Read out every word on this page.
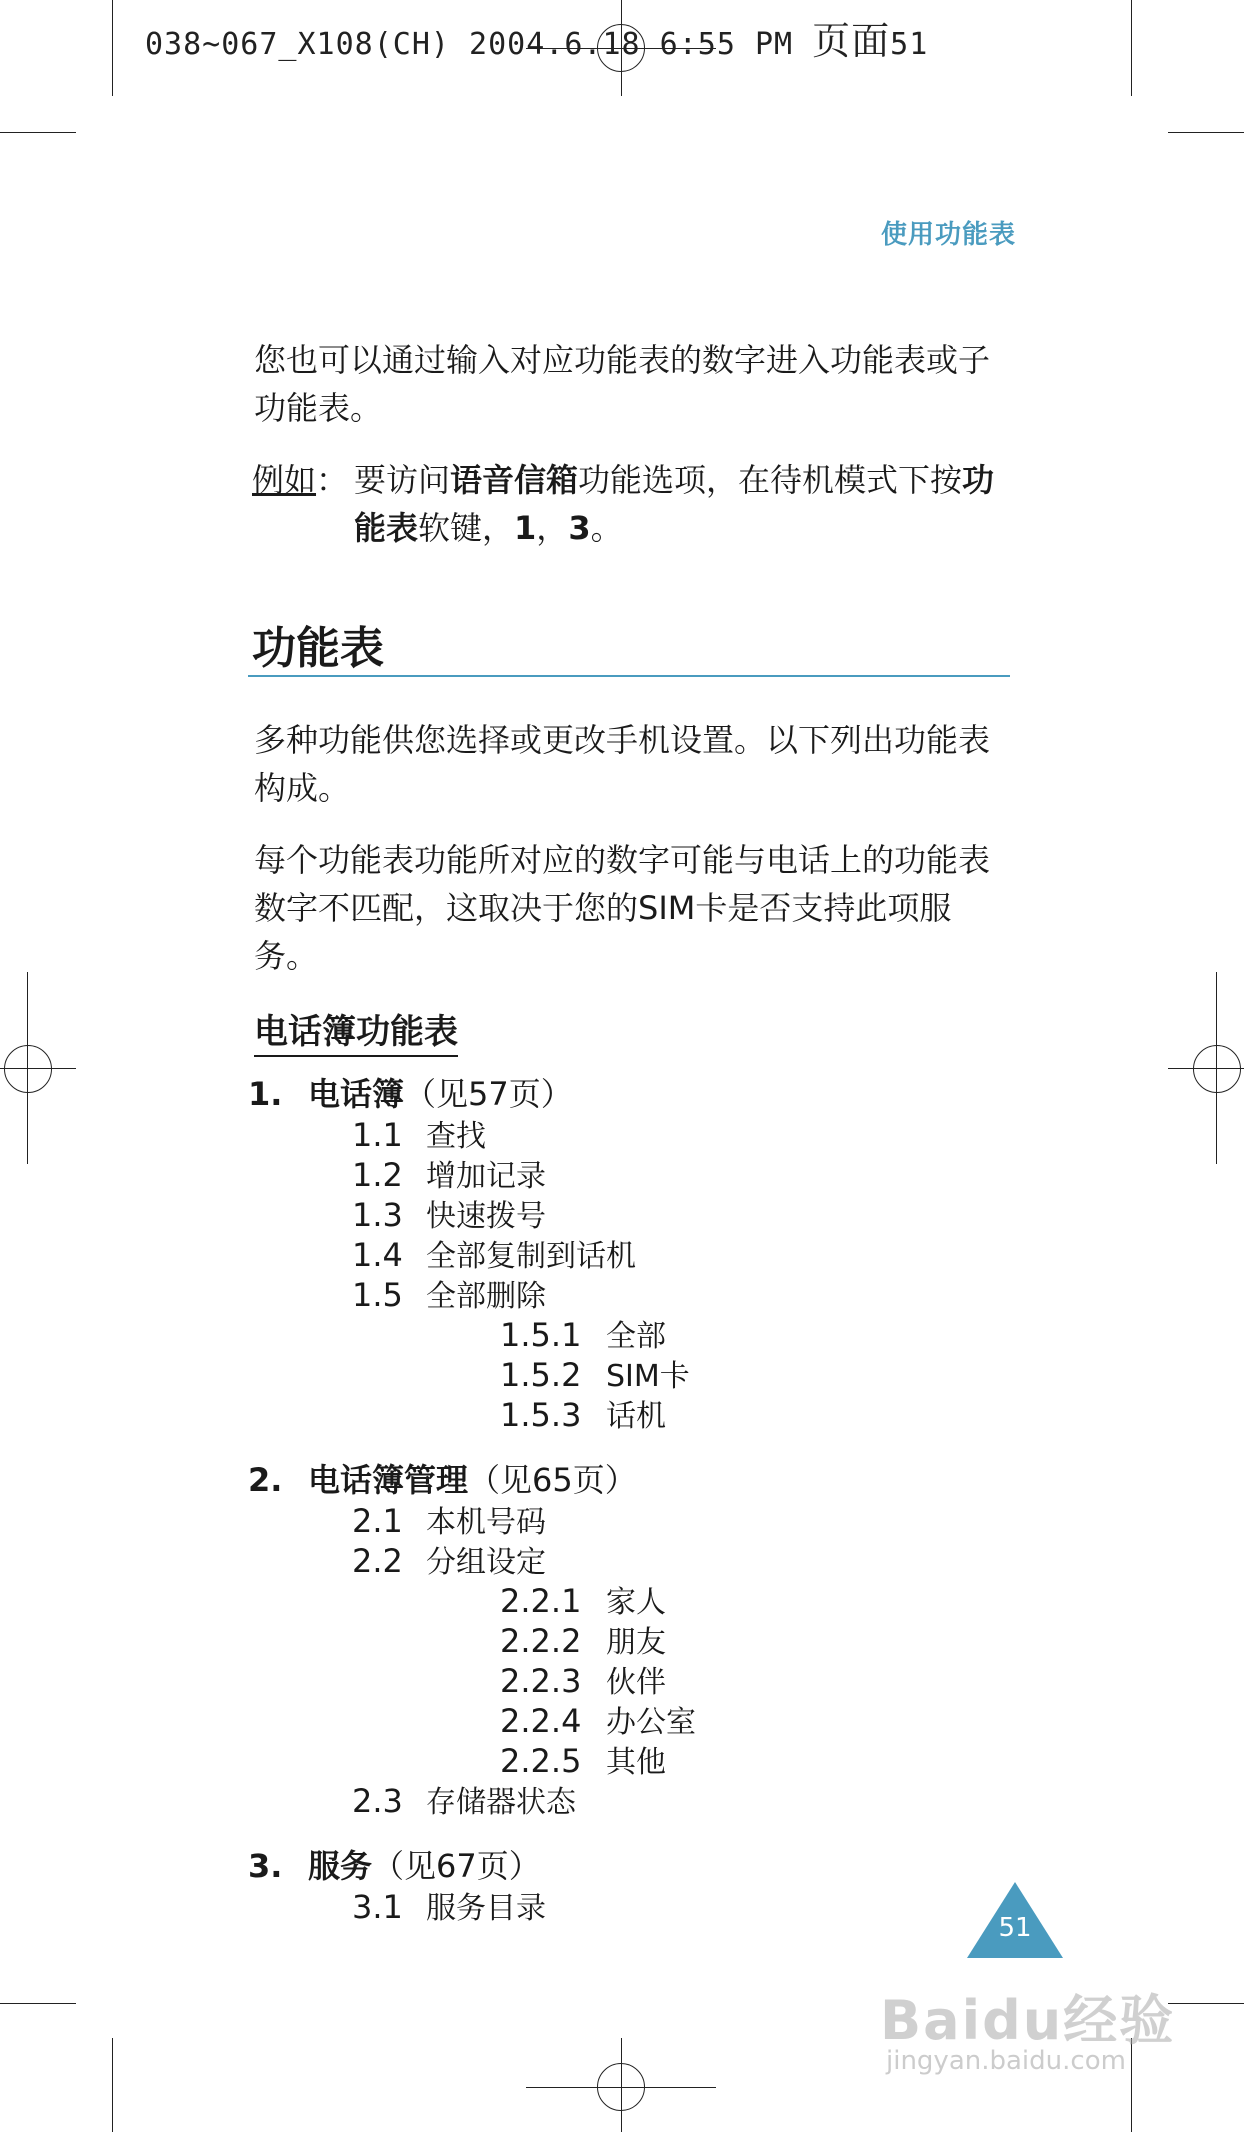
038~067_X108(CH) 2004.6.18 6:55 PM 页面51
使用功能表
您也可以通过输入对应功能表的数字进入功能表或子功能表。
例如： 要访问语音信箱功能选项，在待机模式下按功能表软键，1，3。
功能表
多种功能供您选择或更改手机设置。以下列出功能表构成。
每个功能表功能所对应的数字可能与电话上的功能表数字不匹配，这取决于您的SIM卡是否支持此项服务。
电话簿功能表
1. 电话簿（见57页）
1.1 查找
1.2 增加记录
1.3 快速拨号
1.4 全部复制到话机
1.5 全部删除
1.5.1 全部
1.5.2 SIM卡
1.5.3 话机
2. 电话簿管理（见65页）
2.1 本机号码
2.2 分组设定
2.2.1 家人
2.2.2 朋友
2.2.3 伙伴
2.2.4 办公室
2.2.5 其他
2.3 存储器状态
3. 服务（见67页）
3.1 服务目录
51
Baidu经验
jingyan.baidu.com
